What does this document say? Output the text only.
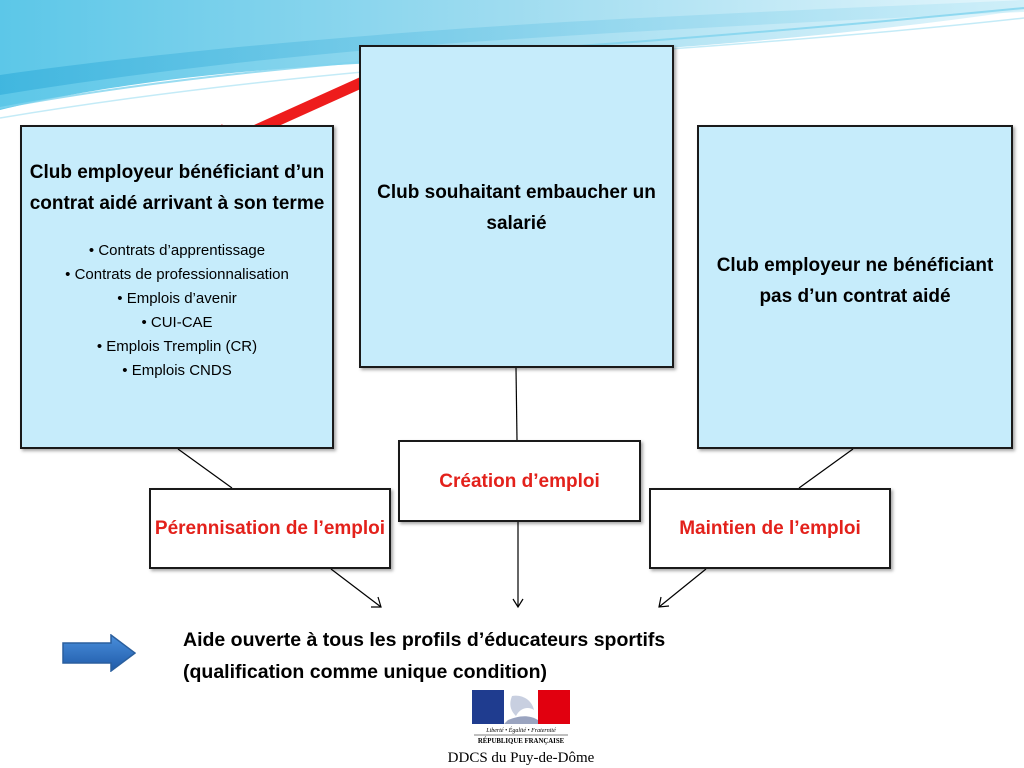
Club employeur bénéficiant d’un contrat aidé arrivant à son terme
• Contrats d’apprentissage
• Contrats de professionnalisation
• Emplois d’avenir
• CUI-CAE
• Emplois Tremplin (CR)
• Emplois CNDS
Club souhaitant embaucher un salarié
Club employeur ne bénéficiant pas d’un contrat aidé
Pérennisation de l’emploi
Création d’emploi
Maintien de l’emploi
Aide ouverte à tous les profils d’éducateurs sportifs
(qualification comme unique condition)
Liberté • Égalité • Fraternité
RÉPUBLIQUE FRANÇAISE
DDCS du Puy-de-Dôme
